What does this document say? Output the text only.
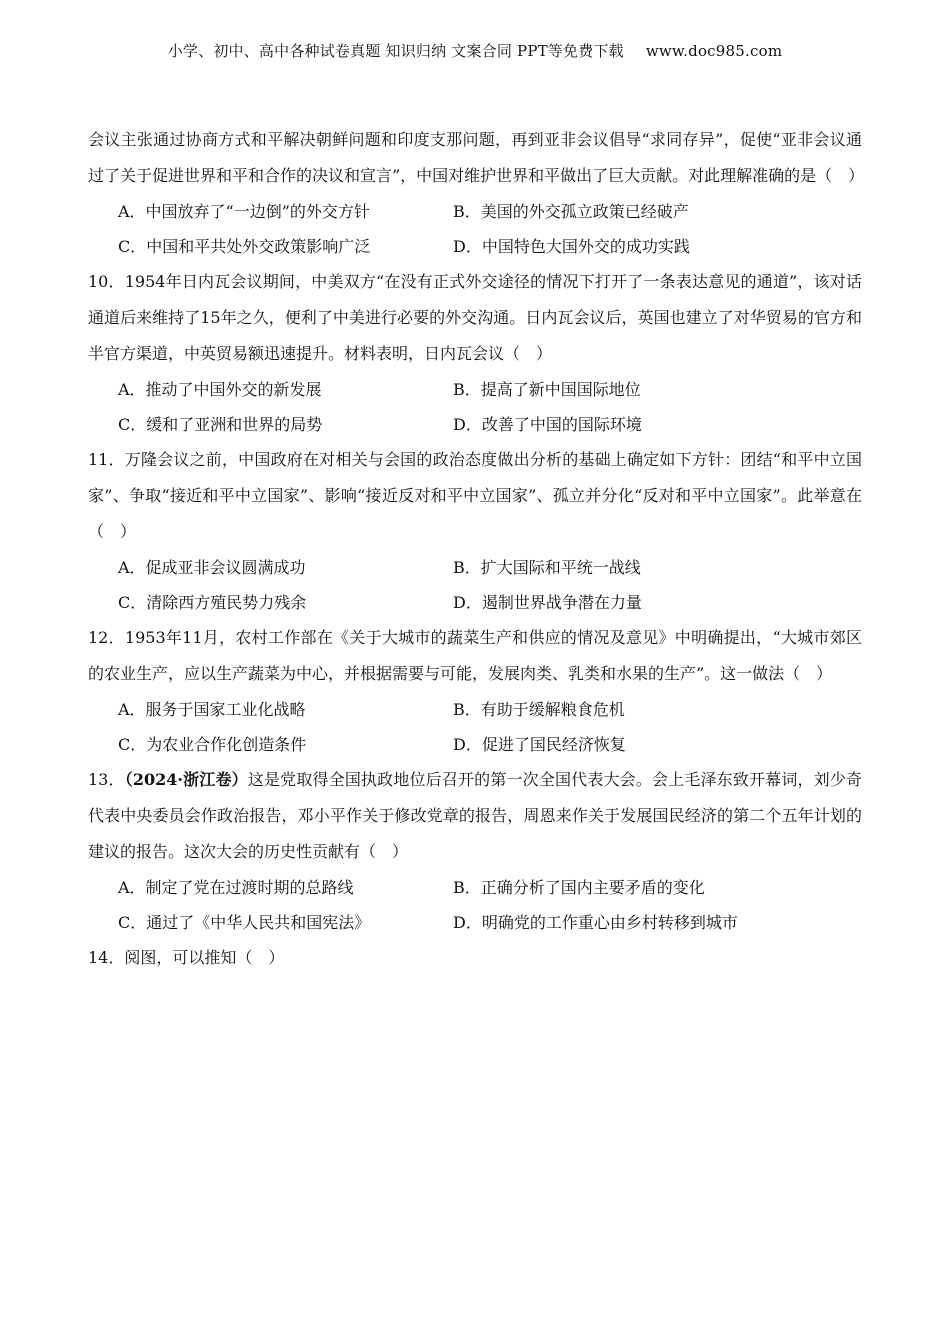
小学、初中、高中各种试卷真题 知识归纳 文案合同 PPT等免费下载 www.doc985.com

会议主张通过协商方式和平解决朝鲜问题和印度支那问题，再到亚非会议倡导“求同存异”，促使“亚非会议通过了关于促进世界和平和合作的决议和宣言”，中国对维护世界和平做出了巨大贡献。对此理解准确的是（　）

A．中国放弃了“一边倒”的外交方针	B．美国的外交孤立政策已经破产
C．中国和平共处外交政策影响广泛	D．中国特色大国外交的成功实践

10．1954年日内瓦会议期间，中美双方“在没有正式外交途径的情况下打开了一条表达意见的通道”，该对话通道后来维持了15年之久，便利了中美进行必要的外交沟通。日内瓦会议后，英国也建立了对华贸易的官方和半官方渠道，中英贸易额迅速提升。材料表明，日内瓦会议（　）

A．推动了中国外交的新发展	B．提高了新中国国际地位
C．缓和了亚洲和世界的局势	D．改善了中国的国际环境

11．万隆会议之前，中国政府在对相关与会国的政治态度做出分析的基础上确定如下方针：团结“和平中立国家”、争取“接近和平中立国家”、影响“接近反对和平中立国家”、孤立并分化“反对和平中立国家”。此举意在（　）

A．促成亚非会议圆满成功	B．扩大国际和平统一战线
C．清除西方殖民势力残余	D．遏制世界战争潜在力量

12．1953年11月，农村工作部在《关于大城市的蔬菜生产和供应的情况及意见》中明确提出，“大城市郊区的农业生产，应以生产蔬菜为中心，并根据需要与可能，发展肉类、乳类和水果的生产”。这一做法（　）

A．服务于国家工业化战略	B．有助于缓解粮食危机
C．为农业合作化创造条件	D．促进了国民经济恢复

13．（2024·浙江卷）这是党取得全国执政地位后召开的第一次全国代表大会。会上毛泽东致开幕词，刘少奇代表中央委员会作政治报告，邓小平作关于修改党章的报告，周恩来作关于发展国民经济的第二个五年计划的建议的报告。这次大会的历史性贡献有（　）

A．制定了党在过渡时期的总路线	B．正确分析了国内主要矛盾的变化
C．通过了《中华人民共和国宪法》	D．明确党的工作重心由乡村转移到城市

14．阅图，可以推知（　）
